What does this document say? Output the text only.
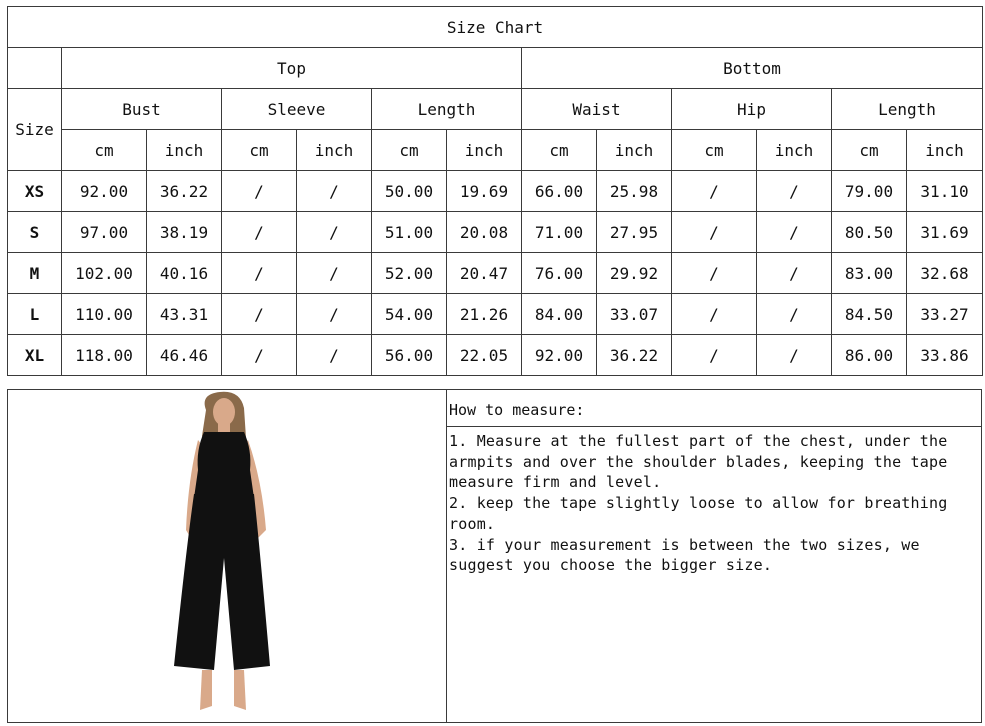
Size Chart												
	Top						Bottom					
Size	Bust		Sleeve		Length		Waist		Hip		Length	
	cm	inch	cm	inch	cm	inch	cm	inch	cm	inch	cm	inch
XS	92.00	36.22	/	/	50.00	19.69	66.00	25.98	/	/	79.00	31.10
S	97.00	38.19	/	/	51.00	20.08	71.00	27.95	/	/	80.50	31.69
M	102.00	40.16	/	/	52.00	20.47	76.00	29.92	/	/	83.00	32.68
L	110.00	43.31	/	/	54.00	21.26	84.00	33.07	/	/	84.50	33.27
XL	118.00	46.46	/	/	56.00	22.05	92.00	36.22	/	/	86.00	33.86
How to measure:

1. Measure at the fullest part of the chest, under the armpits and over the shoulder blades, keeping the tape measure firm and level.

2. keep the tape slightly loose to allow for breathing room.

3. if your measurement is between the two sizes, we suggest you choose the bigger size.
